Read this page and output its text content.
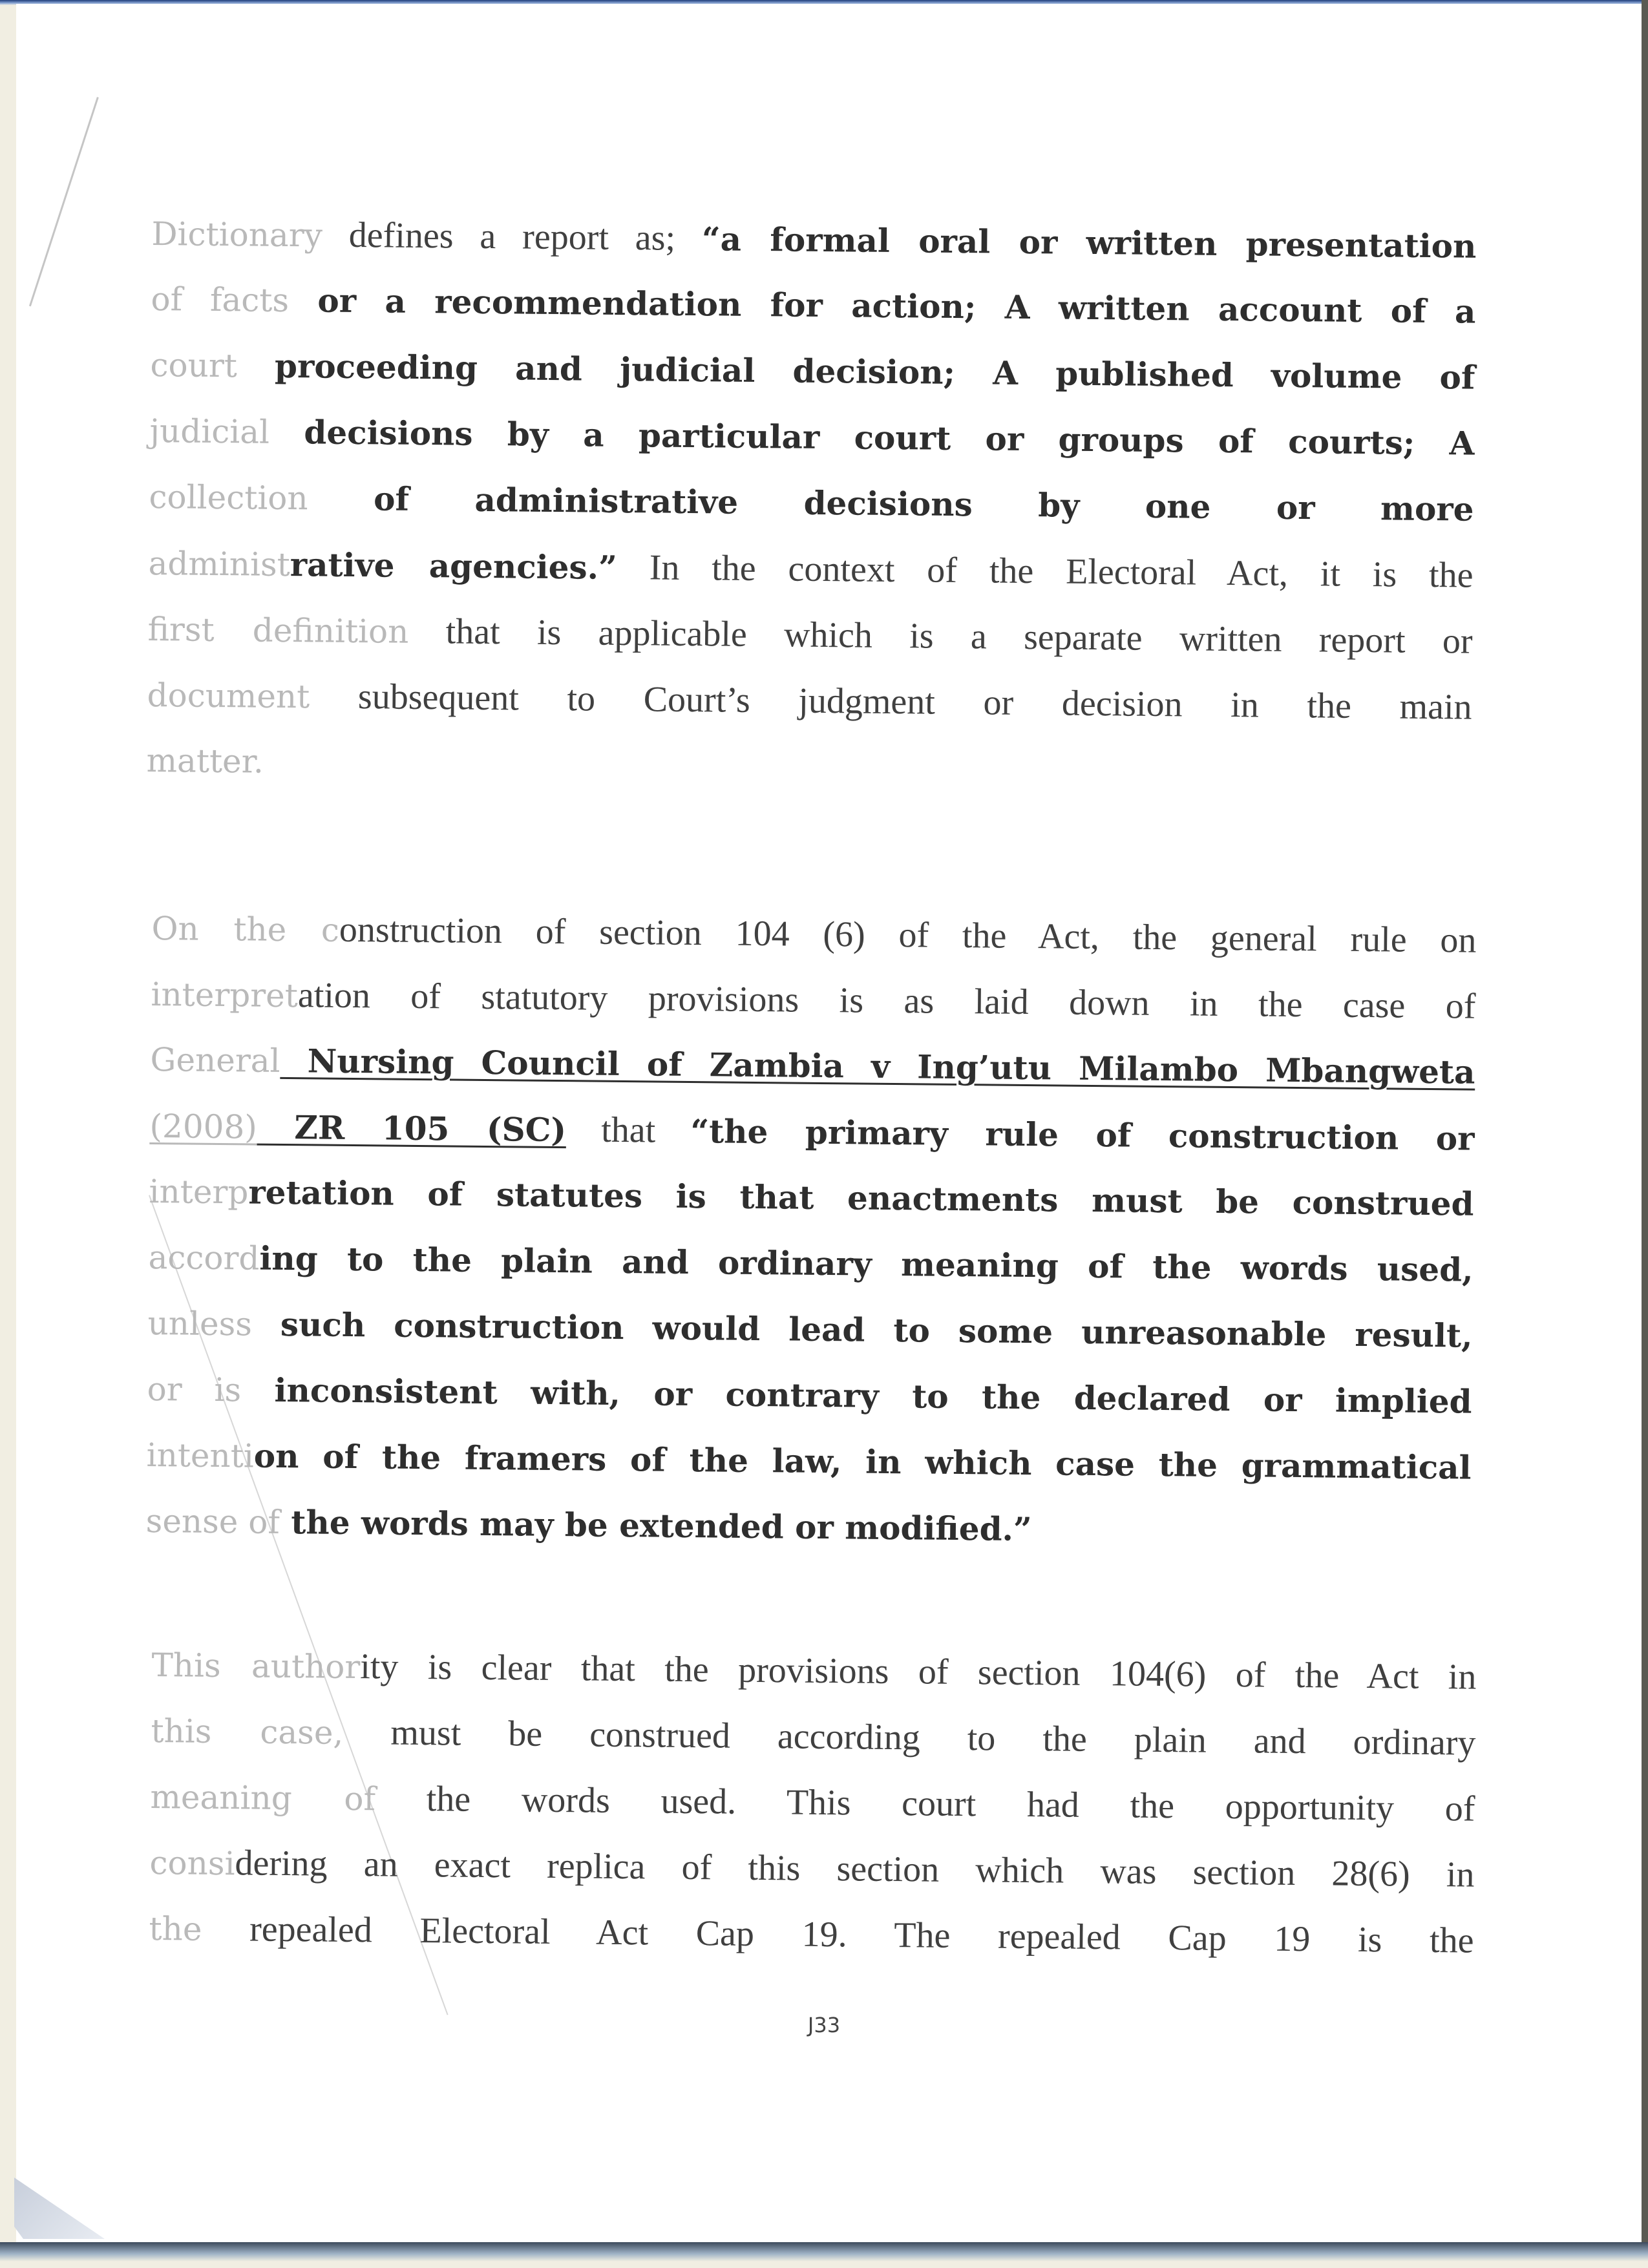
Dictionary defines a report as; “a formal oral or written presentation
of facts or a recommendation for action; A written account of a
court proceeding and judicial decision; A published volume of
judicial decisions by a particular court or groups of courts; A
collection of administrative decisions by one or more
administrative agencies.” In the context of the Electoral Act, it is the
first definition that is applicable which is a separate written report or
document subsequent to Court’s judgment or decision in the main
matter.
On the construction of section 104 (6) of the Act, the general rule on
interpretation of statutory provisions is as laid down in the case of
General Nursing Council of Zambia v Ing’utu Milambo Mbangweta
(2008) ZR 105 (SC) that “the primary rule of construction or
interpretation of statutes is that enactments must be construed
according to the plain and ordinary meaning of the words used,
unless such construction would lead to some unreasonable result,
or is inconsistent with, or contrary to the declared or implied
intention of the framers of the law, in which case the grammatical
sense of the words may be extended or modified.”
This authority is clear that the provisions of section 104(6) of the Act in
this case, must be construed according to the plain and ordinary
meaning of the words used. This court had the opportunity of
considering an exact replica of this section which was section 28(6) in
the repealed Electoral Act Cap 19. The repealed Cap 19 is the
J33
